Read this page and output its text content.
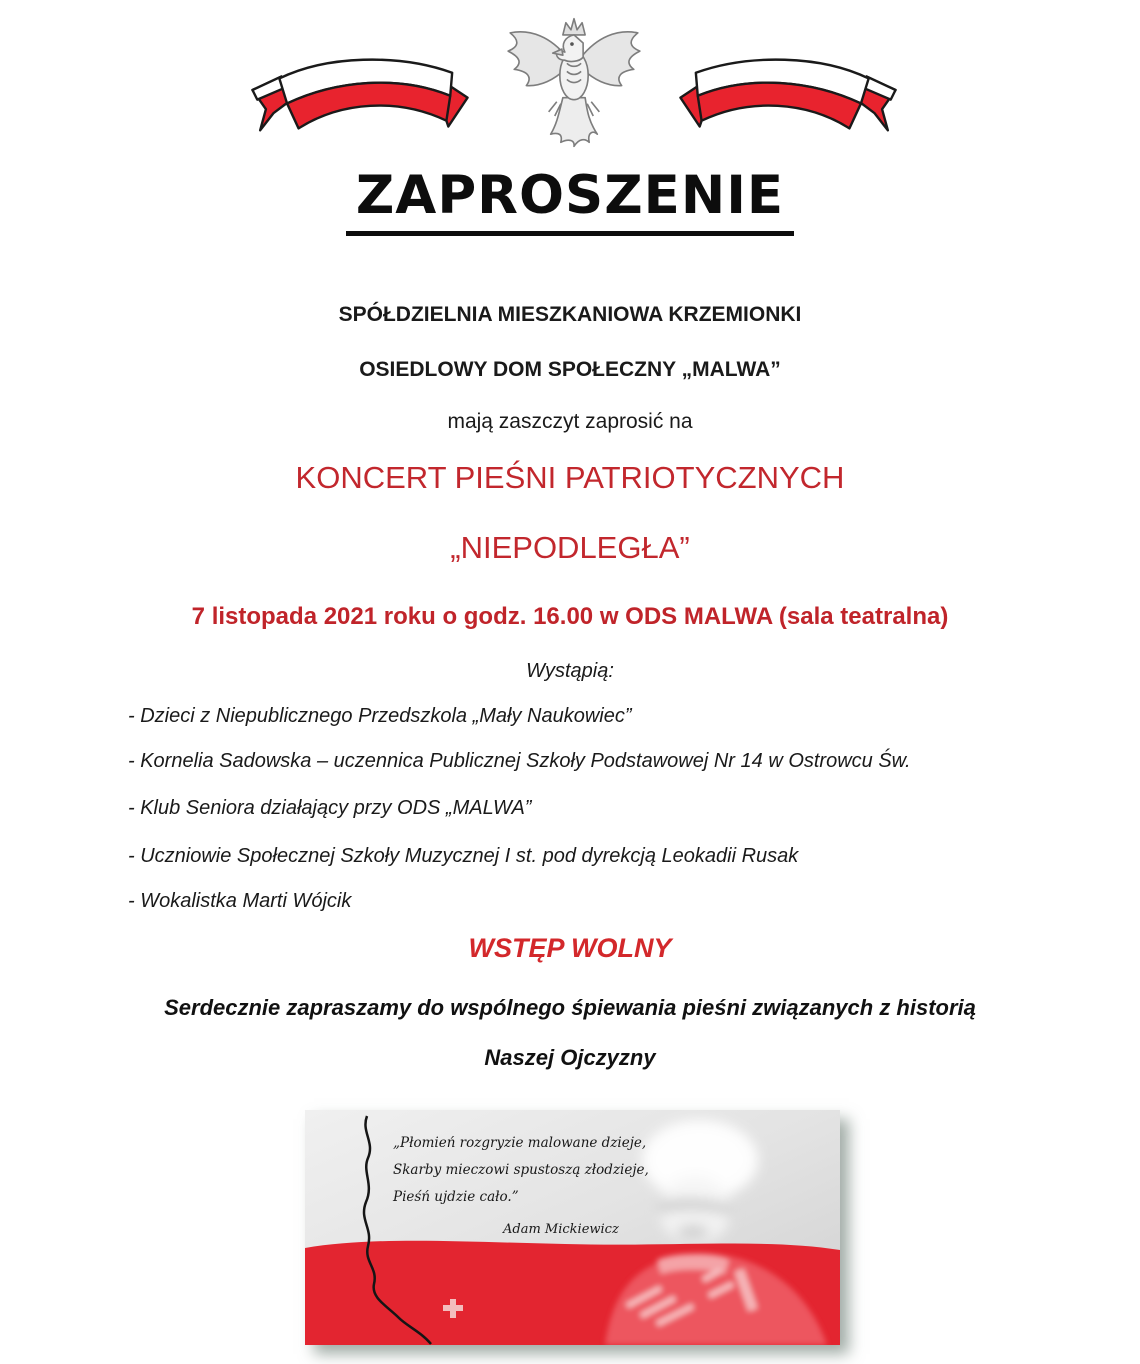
ZAPROSZENIE
SPÓŁDZIELNIA MIESZKANIOWA KRZEMIONKI
OSIEDLOWY DOM SPOŁECZNY „MALWA”
mają zaszczyt zaprosić na
KONCERT PIEŚNI PATRIOTYCZNYCH
„NIEPODLEGŁA”
7 listopada 2021 roku o godz. 16.00 w ODS MALWA (sala teatralna)
Wystąpią:
- Dzieci z Niepublicznego Przedszkola „Mały Naukowiec”
- Kornelia Sadowska – uczennica Publicznej Szkoły Podstawowej Nr 14 w Ostrowcu Św.
- Klub Seniora działający przy ODS „MALWA”
- Uczniowie Społecznej Szkoły Muzycznej I st. pod dyrekcją Leokadii Rusak
- Wokalistka Marti Wójcik
WSTĘP WOLNY
Serdecznie zapraszamy do wspólnego śpiewania pieśni związanych z historią
Naszej Ojczyzny
„Płomień rozgryzie malowane dzieje,
Skarby mieczowi spustoszą złodzieje,
Pieśń ujdzie cało.”
Adam Mickiewicz
